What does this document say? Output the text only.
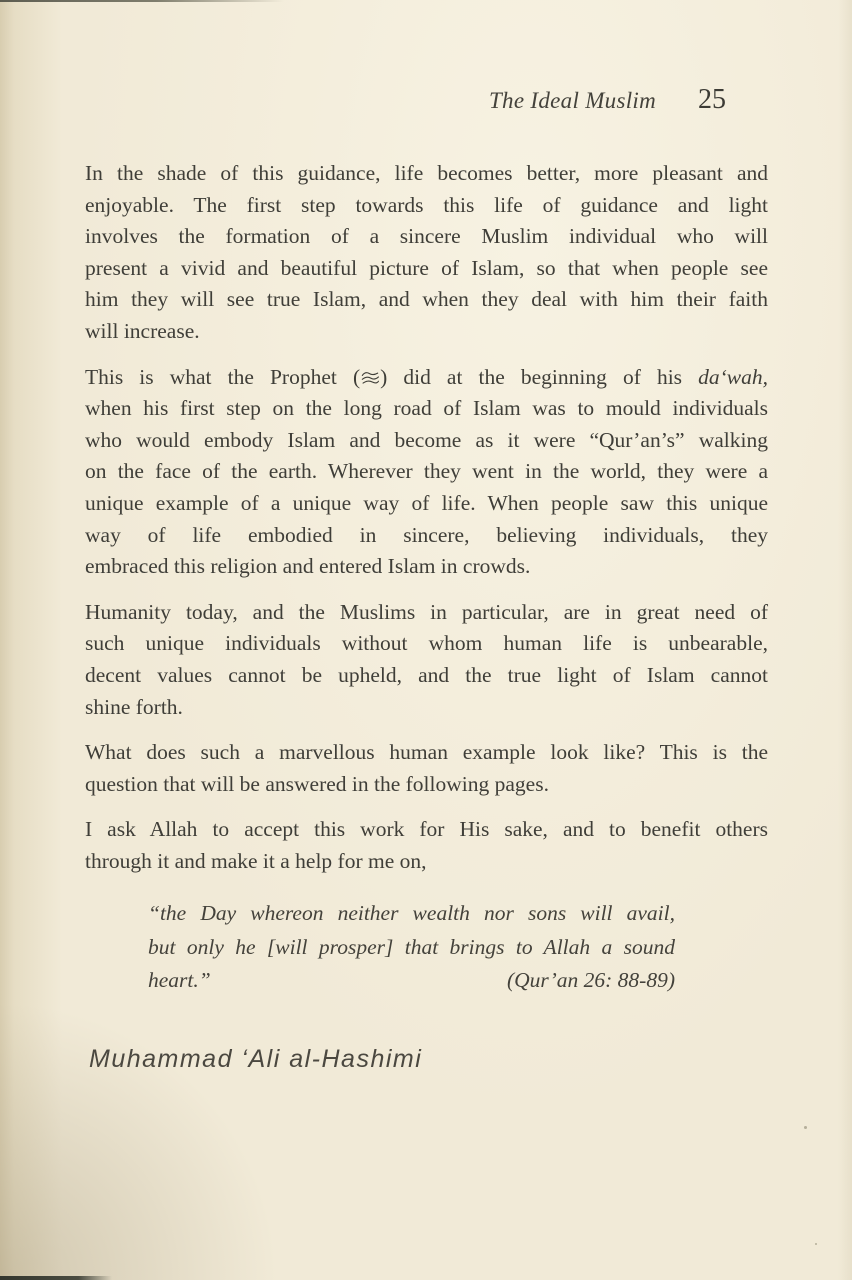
The Ideal Muslim 25

In the shade of this guidance, life becomes better, more pleasant and
enjoyable. The first step towards this life of guidance and light
involves the formation of a sincere Muslim individual who will
present a vivid and beautiful picture of Islam, so that when people see
him they will see true Islam, and when they deal with him their faith
will increase.

This is what the Prophet ( ) did at the beginning of his da‘wah,
when his first step on the long road of Islam was to mould individuals
who would embody Islam and become as it were “Qur’an’s” walking
on the face of the earth. Wherever they went in the world, they were a
unique example of a unique way of life. When people saw this unique
way of life embodied in sincere, believing individuals, they
embraced this religion and entered Islam in crowds.

Humanity today, and the Muslims in particular, are in great need of
such unique individuals without whom human life is unbearable,
decent values cannot be upheld, and the true light of Islam cannot
shine forth.

What does such a marvellous human example look like? This is the
question that will be answered in the following pages.

I ask Allah to accept this work for His sake, and to benefit others
through it and make it a help for me on,

“the Day whereon neither wealth nor sons will avail,
but only he [will prosper] that brings to Allah a sound
heart.”	(Qur’an 26: 88-89)
Muhammad ‘Ali al-Hashimi
